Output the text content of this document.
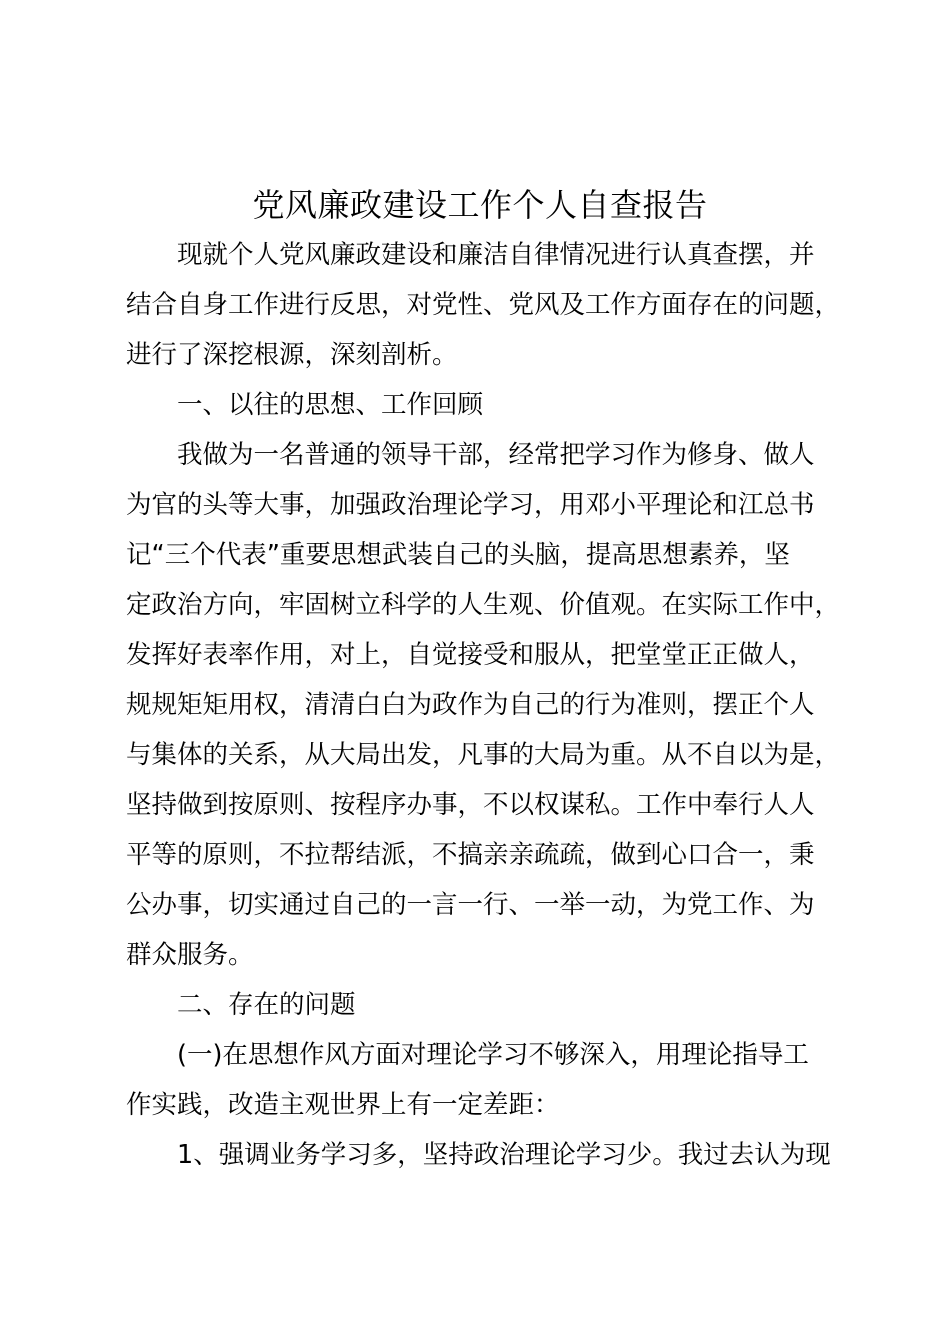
党风廉政建设工作个人自查报告
现就个人党风廉政建设和廉洁自律情况进行认真查摆，并
结合自身工作进行反思，对党性、党风及工作方面存在的问题，
进行了深挖根源，深刻剖析。
一、以往的思想、工作回顾
我做为一名普通的领导干部，经常把学习作为修身、做人
为官的头等大事，加强政治理论学习，用邓小平理论和江总书
记“三个代表”重要思想武装自己的头脑，提高思想素养，坚
定政治方向，牢固树立科学的人生观、价值观。在实际工作中，
发挥好表率作用，对上，自觉接受和服从，把堂堂正正做人，
规规矩矩用权，清清白白为政作为自己的行为准则，摆正个人
与集体的关系，从大局出发，凡事的大局为重。从不自以为是，
坚持做到按原则、按程序办事，不以权谋私。工作中奉行人人
平等的原则，不拉帮结派，不搞亲亲疏疏，做到心口合一，秉
公办事，切实通过自己的一言一行、一举一动，为党工作、为
群众服务。
二、存在的问题
(一)在思想作风方面对理论学习不够深入，用理论指导工
作实践，改造主观世界上有一定差距：
1、强调业务学习多，坚持政治理论学习少。我过去认为现
